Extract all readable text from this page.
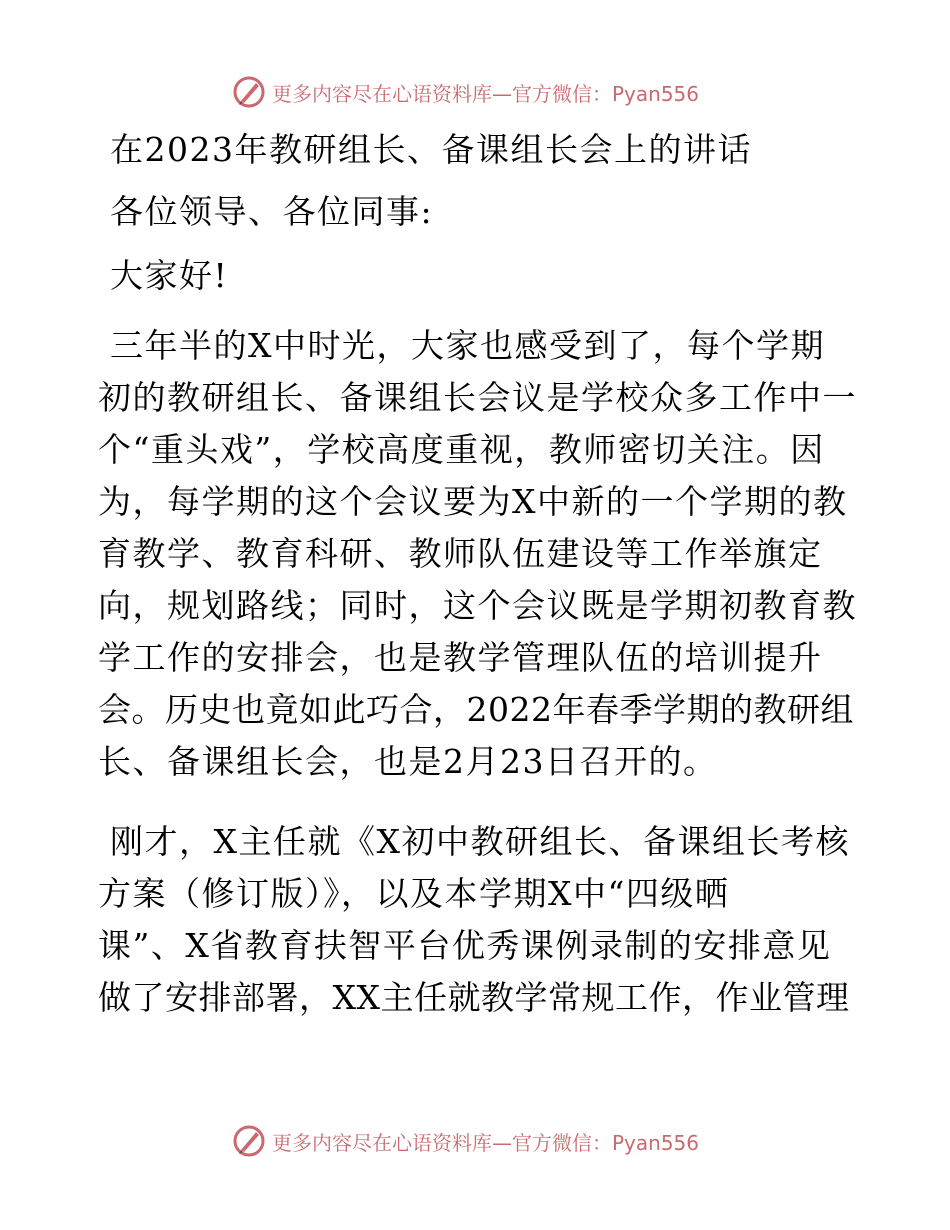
更多内容尽在心语资料库—官方微信：Pyan556
在2023年教研组长、备课组长会上的讲话
各位领导、各位同事:
大家好!
三年半的X中时光，大家也感受到了，每个学期
初的教研组长、备课组长会议是学校众多工作中一
个“重头戏”，学校高度重视，教师密切关注。因
为，每学期的这个会议要为X中新的一个学期的教
育教学、教育科研、教师队伍建设等工作举旗定
向，规划路线；同时，这个会议既是学期初教育教
学工作的安排会，也是教学管理队伍的培训提升
会。历史也竟如此巧合，2022年春季学期的教研组
长、备课组长会，也是2月23日召开的。
刚才，X主任就《X初中教研组长、备课组长考核
方案（修订版）》，以及本学期X中“四级晒
课”、X省教育扶智平台优秀课例录制的安排意见
做了安排部署，XX主任就教学常规工作，作业管理
更多内容尽在心语资料库—官方微信：Pyan556
